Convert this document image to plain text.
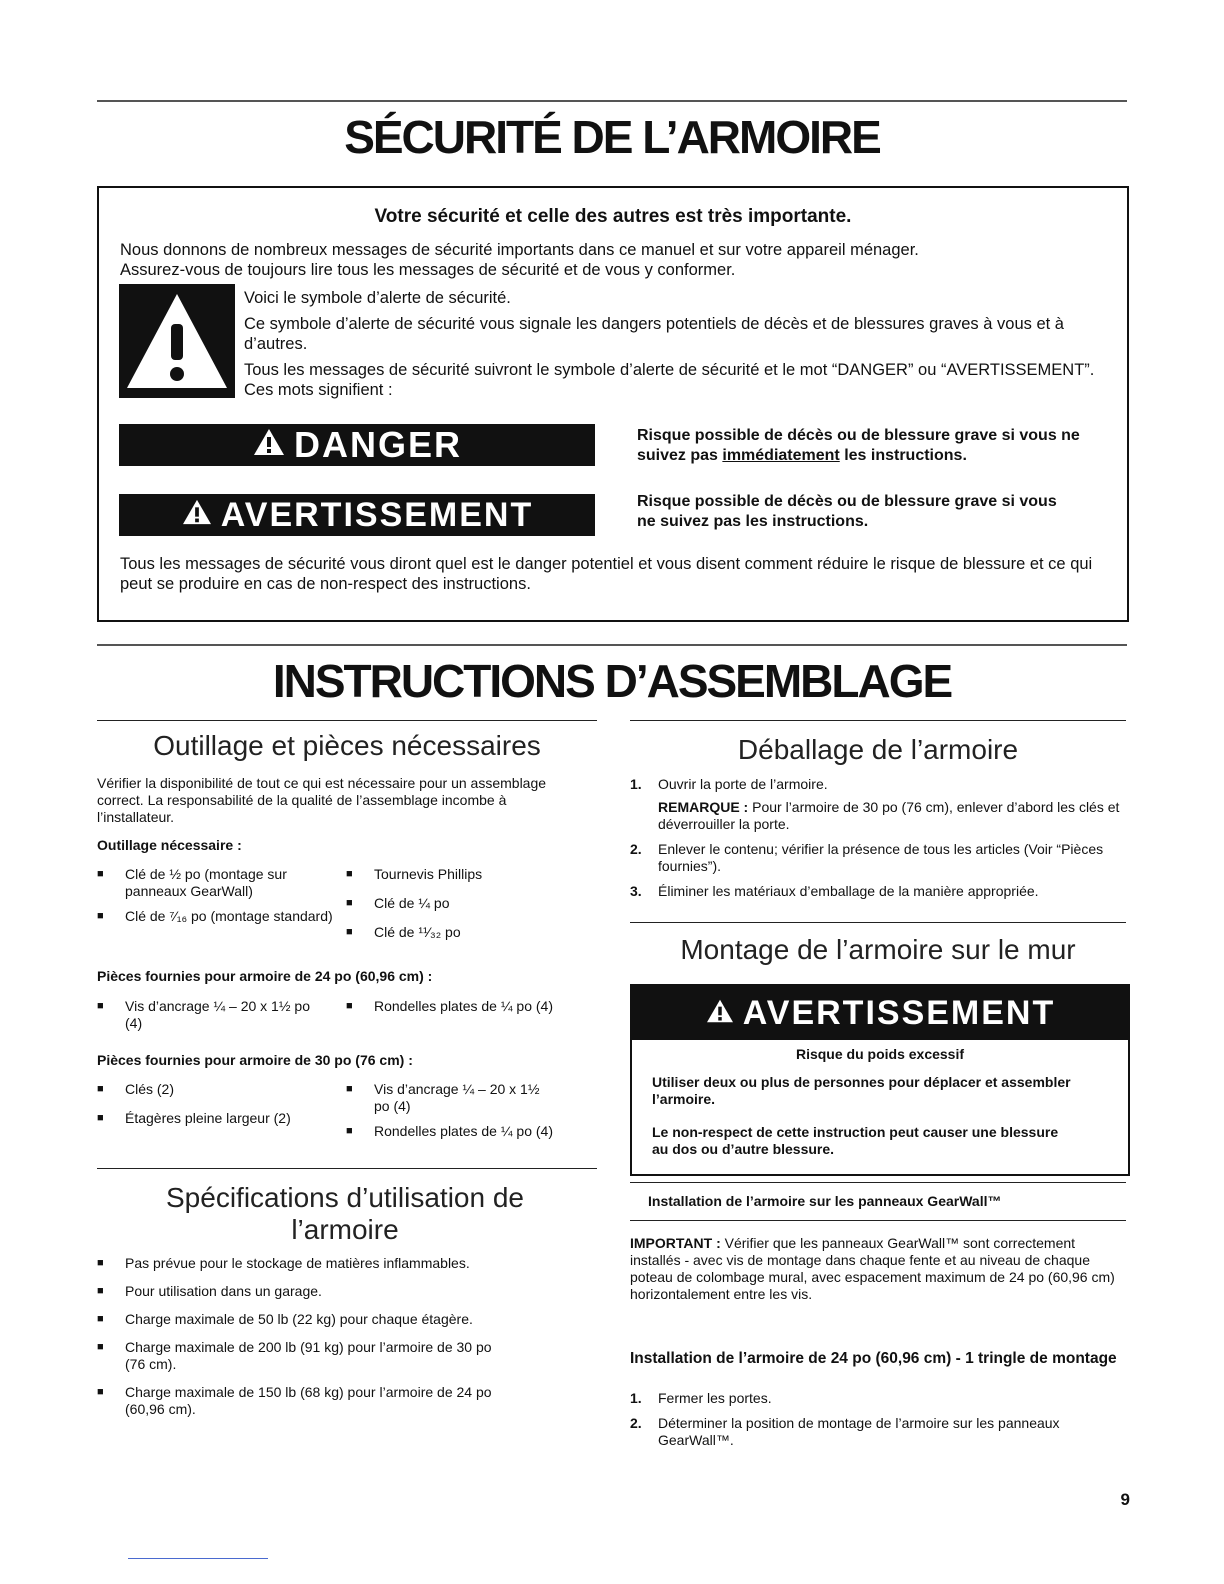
SÉCURITÉ DE L’ARMOIRE
Votre sécurité et celle des autres est très importante.
Nous donnons de nombreux messages de sécurité importants dans ce manuel et sur votre appareil ménager.
Assurez-vous de toujours lire tous les messages de sécurité et de vous y conformer.
Voici le symbole d’alerte de sécurité.
Ce symbole d’alerte de sécurité vous signale les dangers potentiels de décès et de blessures graves à vous et à d’autres.
Tous les messages de sécurité suivront le symbole d’alerte de sécurité et le mot “DANGER” ou “AVERTISSEMENT”. Ces mots signifient :
DANGER	Risque possible de décès ou de blessure grave si vous ne suivez pas immédiatement les instructions.
AVERTISSEMENT	Risque possible de décès ou de blessure grave si vous ne suivez pas les instructions.
Tous les messages de sécurité vous diront quel est le danger potentiel et vous disent comment réduire le risque de blessure et ce qui peut se produire en cas de non-respect des instructions.
INSTRUCTIONS D’ASSEMBLAGE
Outillage et pièces nécessaires
Vérifier la disponibilité de tout ce qui est nécessaire pour un assemblage correct. La responsabilité de la qualité de l’assemblage incombe à l’installateur.
Outillage nécessaire :
■ Clé de ½ po (montage sur panneaux GearWall)
■ Clé de ⁷⁄₁₆ po (montage standard)
■ Tournevis Phillips
■ Clé de ¼ po
■ Clé de ¹¹⁄₃₂ po
Pièces fournies pour armoire de 24 po (60,96 cm) :
■ Vis d’ancrage ¼ – 20 x 1½ po (4)
■ Rondelles plates de ¼ po (4)
Pièces fournies pour armoire de 30 po (76 cm) :
■ Clés (2)
■ Étagères pleine largeur (2)
■ Vis d’ancrage ¼ – 20 x 1½ po (4)
■ Rondelles plates de ¼ po (4)
Spécifications d’utilisation de l’armoire
■ Pas prévue pour le stockage de matières inflammables.
■ Pour utilisation dans un garage.
■ Charge maximale de 50 lb (22 kg) pour chaque étagère.
■ Charge maximale de 200 lb (91 kg) pour l’armoire de 30 po (76 cm).
■ Charge maximale de 150 lb (68 kg) pour l’armoire de 24 po (60,96 cm).
Déballage de l’armoire
1. Ouvrir la porte de l’armoire.
REMARQUE : Pour l’armoire de 30 po (76 cm), enlever d’abord les clés et déverrouiller la porte.
2. Enlever le contenu; vérifier la présence de tous les articles (Voir “Pièces fournies”).
3. Éliminer les matériaux d’emballage de la manière appropriée.
Montage de l’armoire sur le mur
AVERTISSEMENT
Risque du poids excessif
Utiliser deux ou plus de personnes pour déplacer et assembler l’armoire.
Le non-respect de cette instruction peut causer une blessure au dos ou d’autre blessure.
Installation de l’armoire sur les panneaux GearWall™
IMPORTANT : Vérifier que les panneaux GearWall™ sont correctement installés - avec vis de montage dans chaque fente et au niveau de chaque poteau de colombage mural, avec espacement maximum de 24 po (60,96 cm) horizontalement entre les vis.
Installation de l’armoire de 24 po (60,96 cm) - 1 tringle de montage
1. Fermer les portes.
2. Déterminer la position de montage de l’armoire sur les panneaux GearWall™.
9
